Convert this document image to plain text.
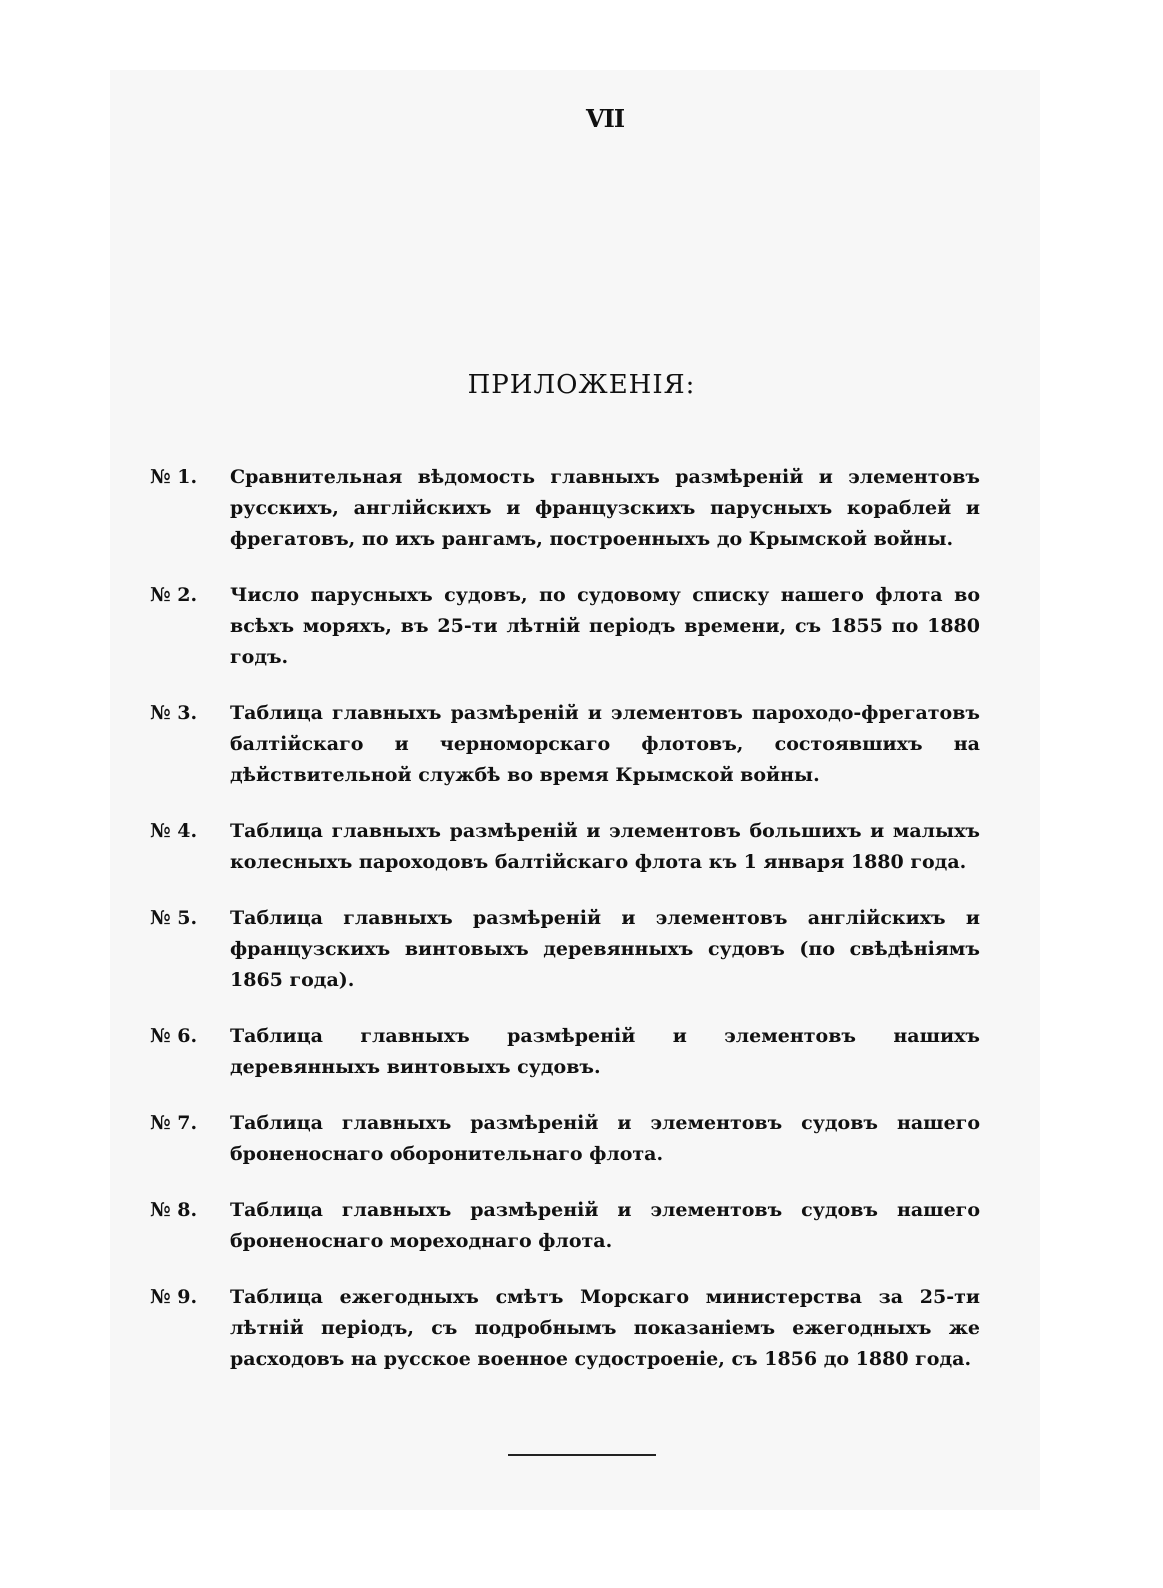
VII
ПРИЛОЖЕНІЯ:
№ 1.	Сравнительная вѣдомость главныхъ размѣреній и элементовъ русскихъ, англійскихъ и французскихъ парусныхъ кораблей и фрегатовъ, по ихъ рангамъ, построенныхъ до Крымской войны.
№ 2.	Число парусныхъ судовъ, по судовому списку нашего флота во всѣхъ моряхъ, въ 25-ти лѣтній періодъ времени, съ 1855 по 1880 годъ.
№ 3.	Таблица главныхъ размѣреній и элементовъ пароходо-фрегатовъ балтійскаго и черноморскаго флотовъ, состоявшихъ на дѣйствительной службѣ во время Крымской войны.
№ 4.	Таблица главныхъ размѣреній и элементовъ большихъ и малыхъ колесныхъ пароходовъ балтійскаго флота къ 1 января 1880 года.
№ 5.	Таблица главныхъ размѣреній и элементовъ англійскихъ и французскихъ винтовыхъ деревянныхъ судовъ (по свѣдѣніямъ 1865 года).
№ 6.	Таблица главныхъ размѣреній и элементовъ нашихъ деревянныхъ винтовыхъ судовъ.
№ 7.	Таблица главныхъ размѣреній и элементовъ судовъ нашего броненоснаго оборонительнаго флота.
№ 8.	Таблица главныхъ размѣреній и элементовъ судовъ нашего броненоснаго мореходнаго флота.
№ 9.	Таблица ежегодныхъ смѣтъ Морскаго министерства за 25-ти лѣтній періодъ, съ подробнымъ показаніемъ ежегодныхъ же расходовъ на русское военное судостроеніе, съ 1856 до 1880 года.
